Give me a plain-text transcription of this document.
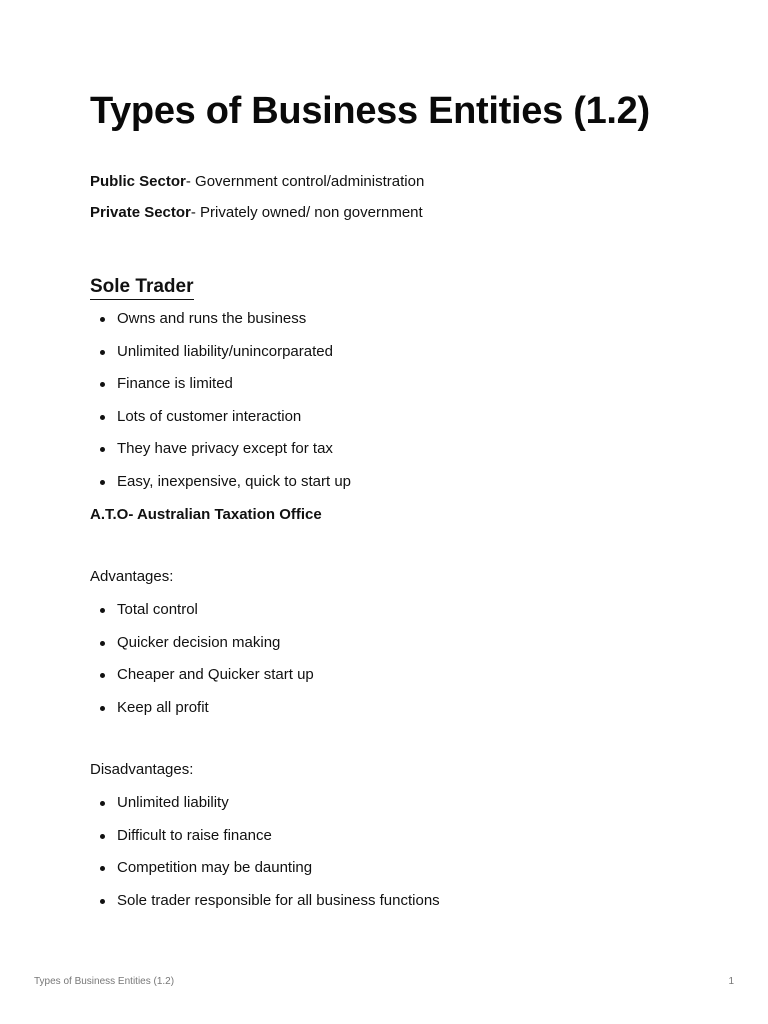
Types of Business Entities (1.2)
Public Sector- Government control/administration
Private Sector- Privately owned/ non government
Sole Trader
Owns and runs the business
Unlimited liability/unincorparated
Finance is limited
Lots of customer interaction
They have privacy except for tax
Easy, inexpensive, quick to start up
A.T.O- Australian Taxation Office
Advantages:
Total control
Quicker decision making
Cheaper and Quicker start up
Keep all profit
Disadvantages:
Unlimited liability
Difficult to raise finance
Competition may be daunting
Sole trader responsible for all business functions
Types of Business Entities (1.2)	1
